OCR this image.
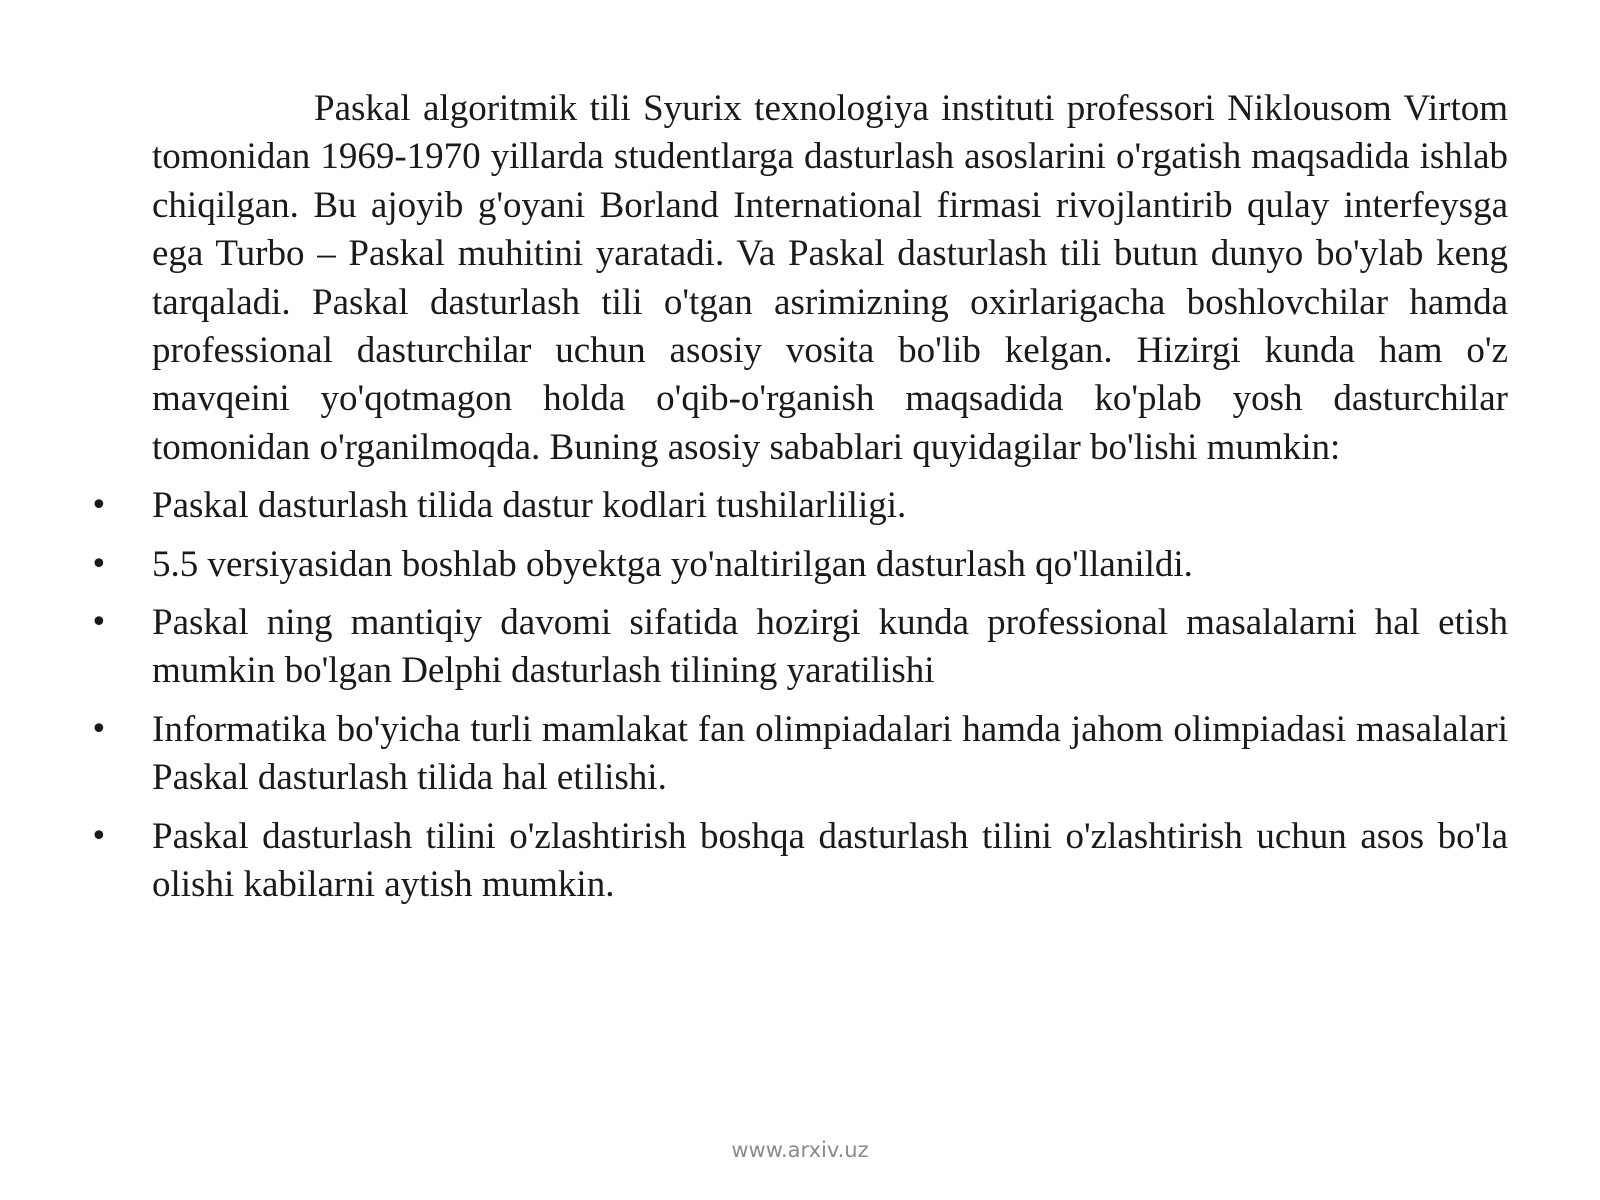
Paskal algoritmik tili Syurix texnologiya instituti professori Niklousom Virtom tomonidan 1969-1970 yillarda studentlarga dasturlash asoslarini o'rgatish maqsadida ishlab chiqilgan. Bu ajoyib g'oyani Borland International firmasi rivojlantirib qulay interfeysga ega Turbo – Paskal muhitini yaratadi. Va Paskal dasturlash tili butun dunyo bo'ylab keng tarqaladi. Paskal dasturlash tili o'tgan asrimizning oxirlarigacha boshlovchilar hamda professional dasturchilar uchun asosiy vosita bo'lib kelgan. Hizirgi kunda ham o'z mavqeini yo'qotmagon holda o'qib-o'rganish maqsadida ko'plab yosh dasturchilar tomonidan o'rganilmoqda. Buning asosiy sabablari quyidagilar bo'lishi mumkin:

• Paskal dasturlash tilida dastur kodlari tushilarliligi.
• 5.5 versiyasidan boshlab obyektga yo'naltirilgan dasturlash qo'llanildi.
• Paskal ning mantiqiy davomi sifatida hozirgi kunda professional masalalarni hal etish mumkin bo'lgan Delphi dasturlash tilining yaratilishi
• Informatika bo'yicha turli mamlakat fan olimpiadalari hamda jahom olimpiadasi masalalari Paskal dasturlash tilida hal etilishi.
• Paskal dasturlash tilini o'zlashtirish boshqa dasturlash tilini o'zlashtirish uchun asos bo'la olishi kabilarni aytish mumkin.
www.arxiv.uz
